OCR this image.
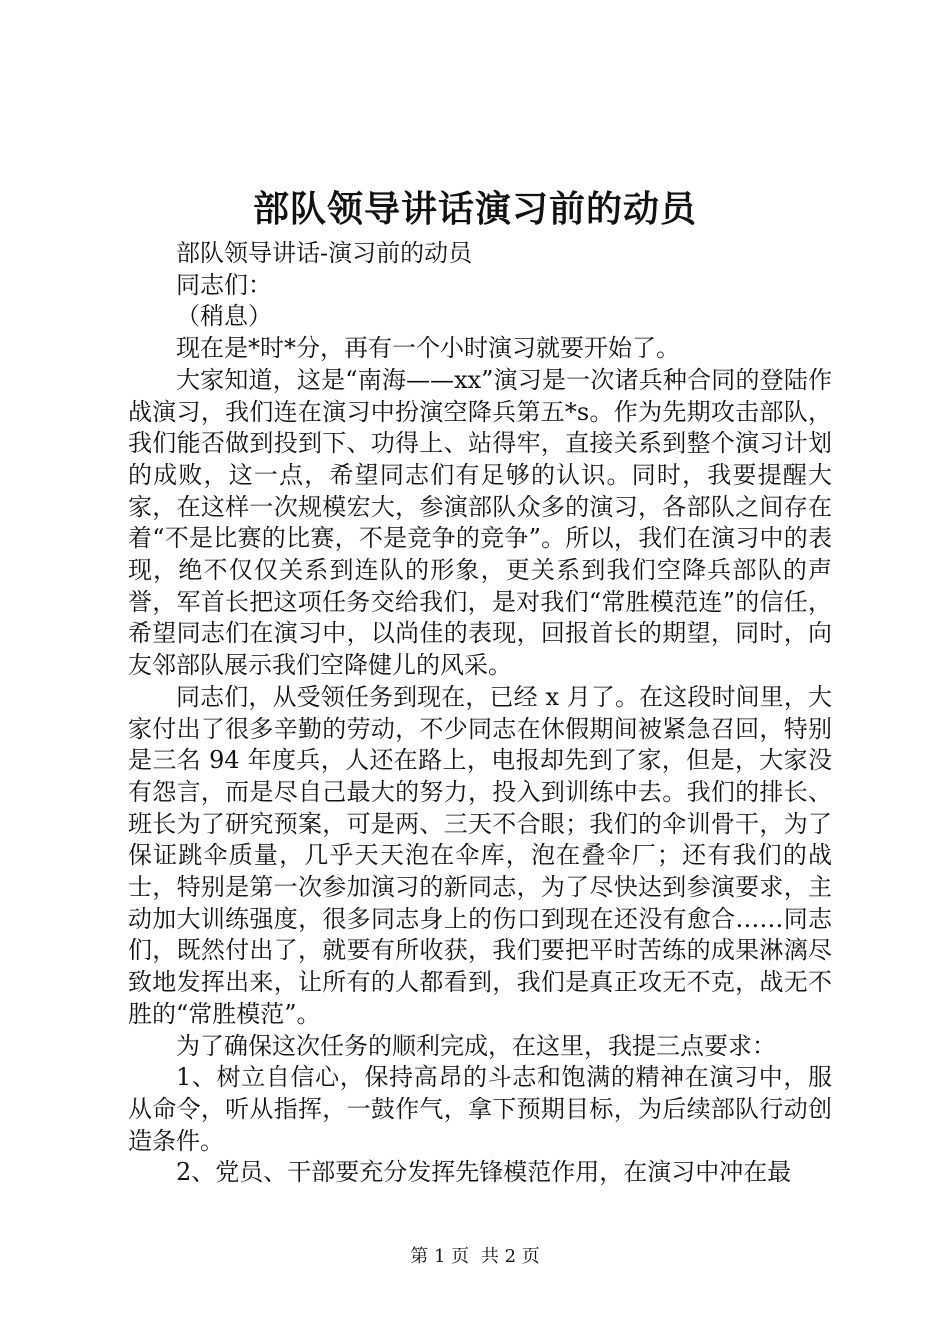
部队领导讲话演习前的动员

部队领导讲话-演习前的动员

同志们：

（稍息）

现在是*时*分，再有一个小时演习就要开始了。

大家知道，这是“南海——xx”演习是一次诸兵种合同的登陆作战演习，我们连在演习中扮演空降兵第五*s。作为先期攻击部队，我们能否做到投到下、功得上、站得牢，直接关系到整个演习计划的成败，这一点，希望同志们有足够的认识。同时，我要提醒大家，在这样一次规模宏大，参演部队众多的演习，各部队之间存在着“不是比赛的比赛，不是竞争的竞争”。所以，我们在演习中的表现，绝不仅仅关系到连队的形象，更关系到我们空降兵部队的声誉，军首长把这项任务交给我们，是对我们“常胜模范连”的信任，希望同志们在演习中，以尚佳的表现，回报首长的期望，同时，向友邻部队展示我们空降健儿的风采。

同志们，从受领任务到现在，已经 x 月了。在这段时间里，大家付出了很多辛勤的劳动，不少同志在休假期间被紧急召回，特别是三名 94 年度兵，人还在路上，电报却先到了家，但是，大家没有怨言，而是尽自己最大的努力，投入到训练中去。我们的排长、班长为了研究预案，可是两、三天不合眼；我们的伞训骨干，为了保证跳伞质量，几乎天天泡在伞库，泡在叠伞厂；还有我们的战士，特别是第一次参加演习的新同志，为了尽快达到参演要求，主动加大训练强度，很多同志身上的伤口到现在还没有愈合……同志们，既然付出了，就要有所收获，我们要把平时苦练的成果淋漓尽致地发挥出来，让所有的人都看到，我们是真正攻无不克，战无不胜的“常胜模范”。

为了确保这次任务的顺利完成，在这里，我提三点要求：

1、树立自信心，保持高昂的斗志和饱满的精神在演习中，服从命令，听从指挥，一鼓作气，拿下预期目标，为后续部队行动创造条件。

2、党员、干部要充分发挥先锋模范作用，在演习中冲在最

第 1 页 共 2 页
